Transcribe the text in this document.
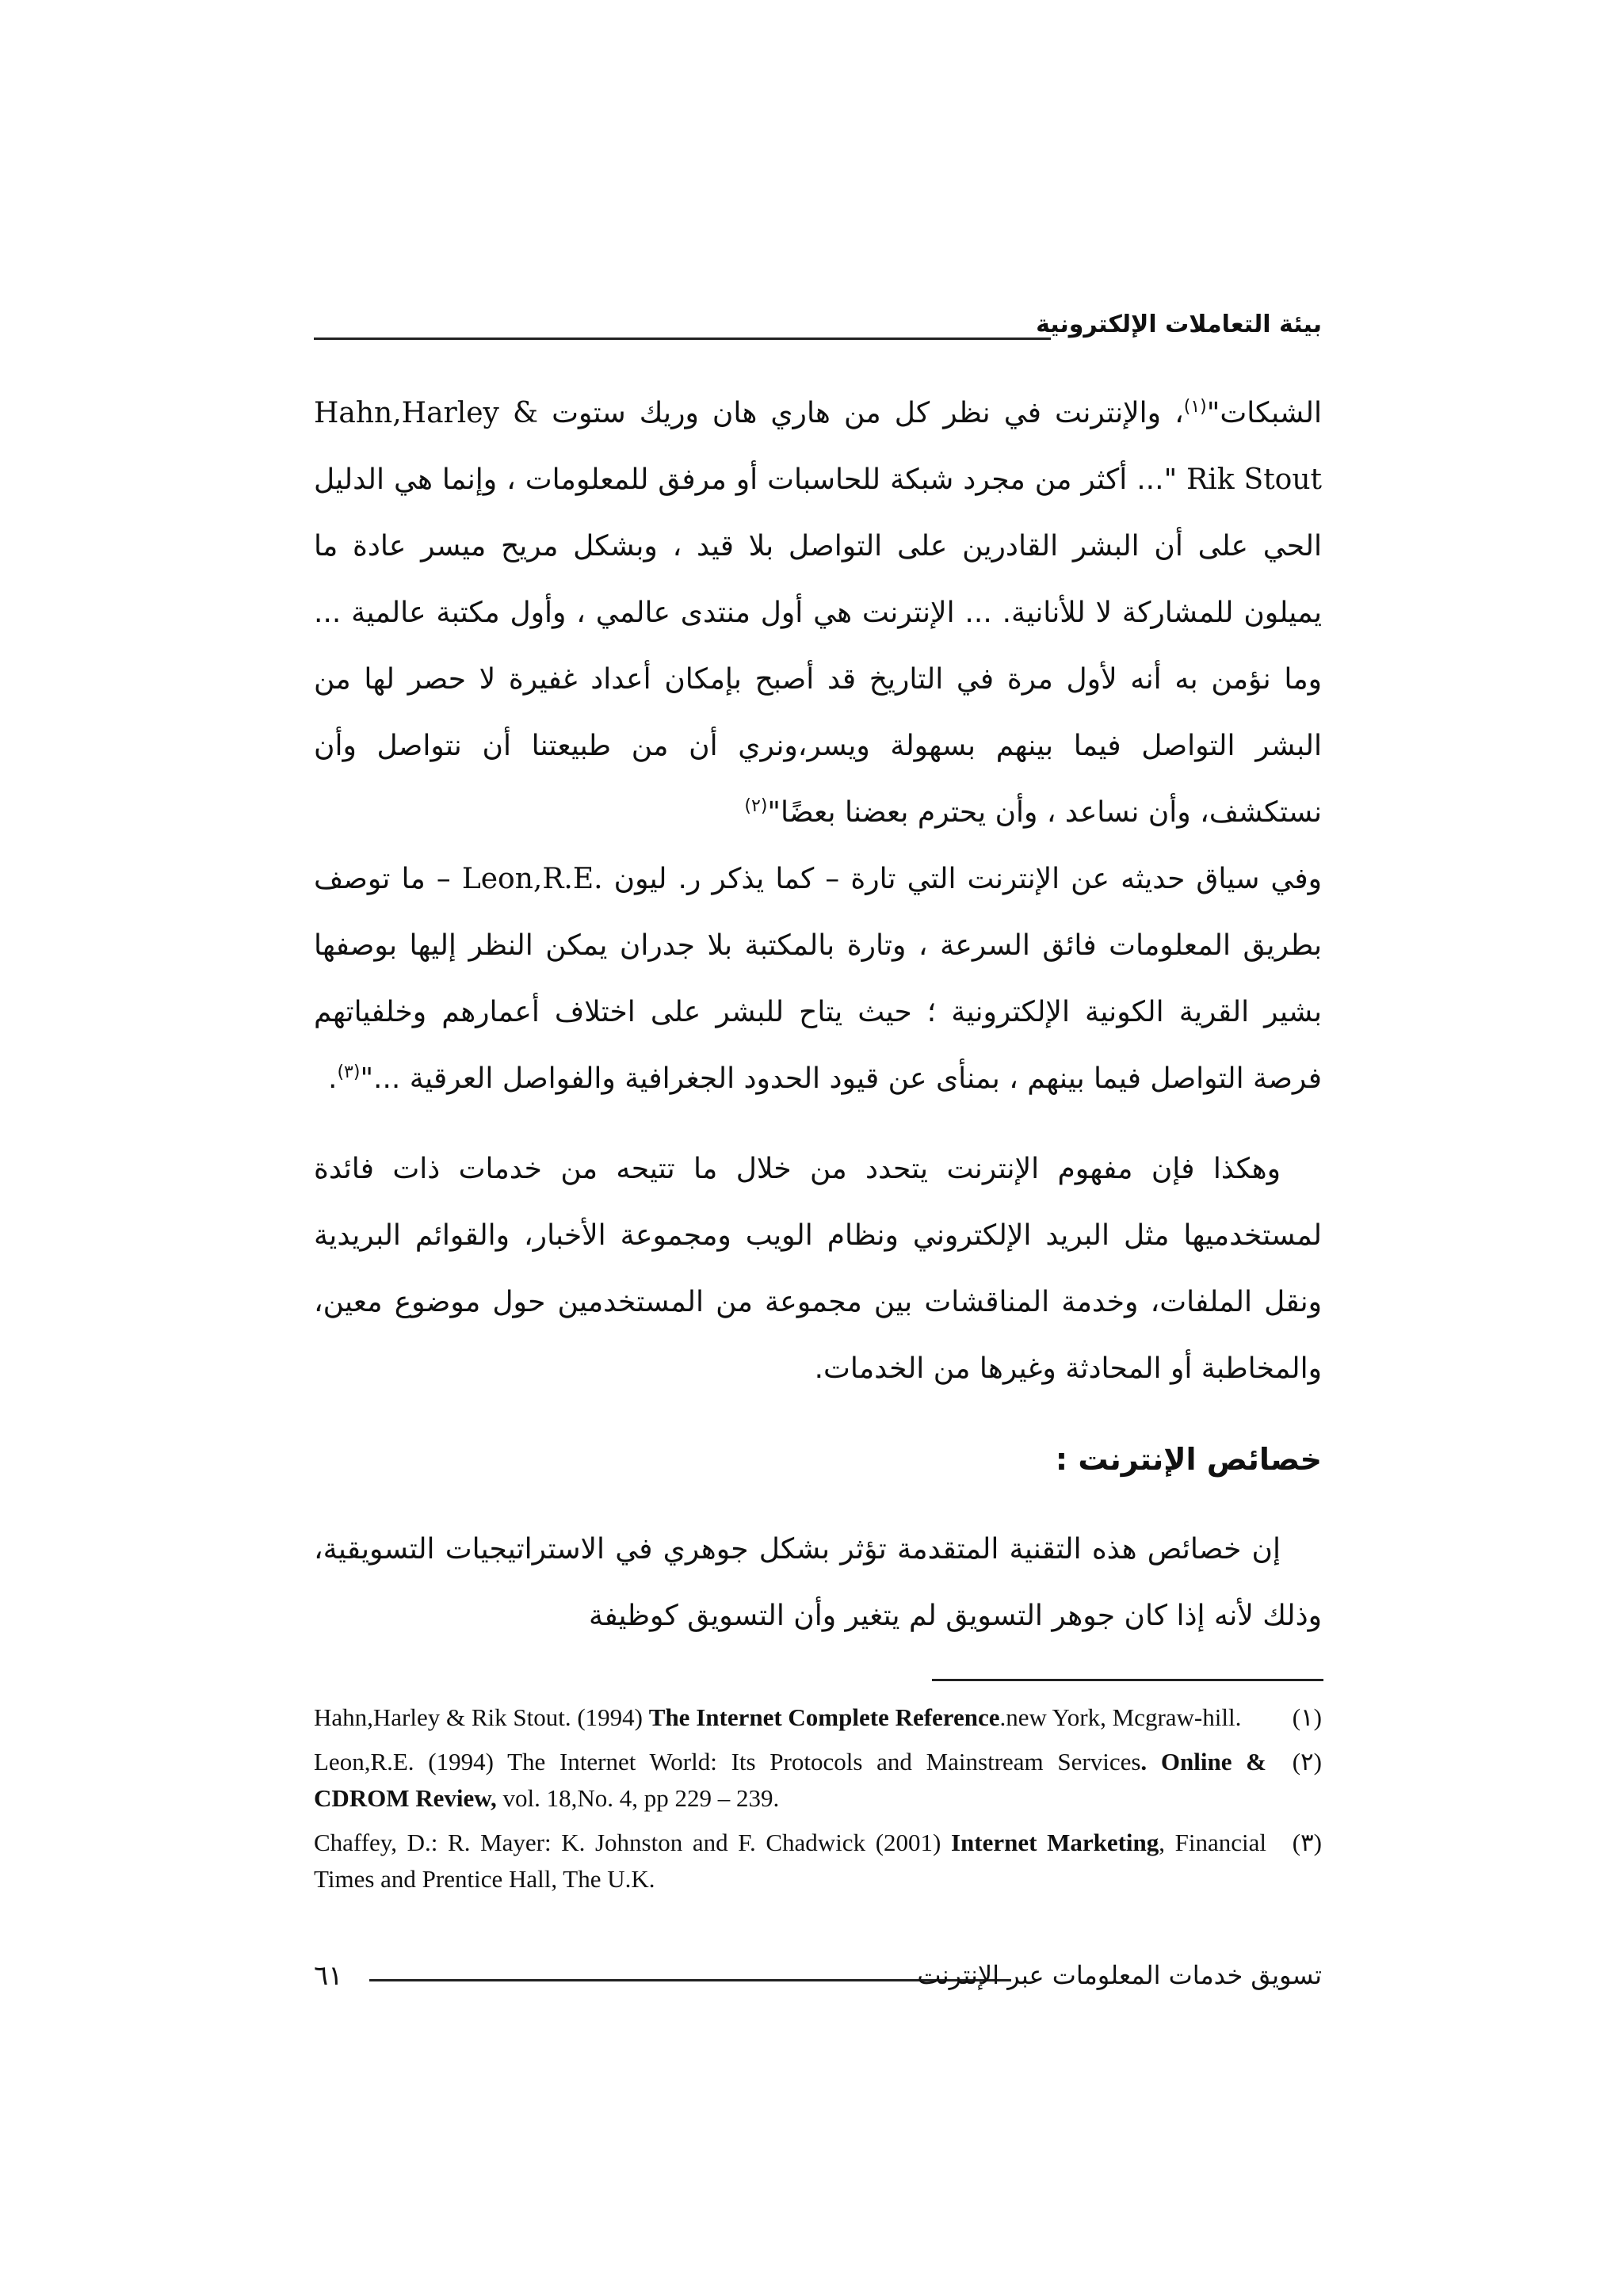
بيئة التعاملات الإلكترونية

الشبكات"$^{(١)}$، والإنترنت في نظر كل من هاري هان وريك ستوت Hahn,Harley & Rik Stout "... أكثر من مجرد شبكة للحاسبات أو مرفق للمعلومات ، وإنما هي الدليل الحي على أن البشر القادرين على التواصل بلا قيد ، وبشكل مريح ميسر عادة ما يميلون للمشاركة لا للأنانية. ... الإنترنت هي أول منتدى عالمي ، وأول مكتبة عالمية ... وما نؤمن به أنه لأول مرة في التاريخ قد أصبح بإمكان أعداد غفيرة لا حصر لها من البشر التواصل فيما بينهم بسهولة ويسر،ونري أن من طبيعتنا أن نتواصل وأن نستكشف، وأن نساعد ، وأن يحترم بعضنا بعضًا"$^{(٢)}$

وفي سياق حديثه عن الإنترنت التي تارة – كما يذكر ر. ليون Leon,R.E. – ما توصف بطريق المعلومات فائق السرعة ، وتارة بالمكتبة بلا جدران يمكن النظر إليها بوصفها بشير القرية الكونية الإلكترونية ؛ حيث يتاح للبشر على اختلاف أعمارهم وخلفياتهم فرصة التواصل فيما بينهم ، بمنأى عن قيود الحدود الجغرافية والفواصل العرقية ..."$^{(٣)}$.

وهكذا فإن مفهوم الإنترنت يتحدد من خلال ما تتيحه من خدمات ذات فائدة لمستخدميها مثل البريد الإلكتروني ونظام الويب ومجموعة الأخبار، والقوائم البريدية ونقل الملفات، وخدمة المناقشات بين مجموعة من المستخدمين حول موضوع معين، والمخاطبة أو المحادثة وغيرها من الخدمات.

خصائص الإنترنت :

إن خصائص هذه التقنية المتقدمة تؤثر بشكل جوهري في الاستراتيجيات التسويقية، وذلك لأنه إذا كان جوهر التسويق لم يتغير وأن التسويق كوظيفة

(١)
Hahn,Harley & Rik Stout. (1994) The Internet Complete Reference.new York, Mcgraw-hill.
(٢)
Leon,R.E. (1994) The Internet World: Its Protocols and Mainstream Services. Online & CDROM Review, vol. 18,No. 4, pp 229 – 239.
(٣)
Chaffey, D.: R. Mayer: K. Johnston and F. Chadwick (2001) Internet Marketing, Financial Times and Prentice Hall, The U.K.
٦١	تسويق خدمات المعلومات عبر الإنترنت
